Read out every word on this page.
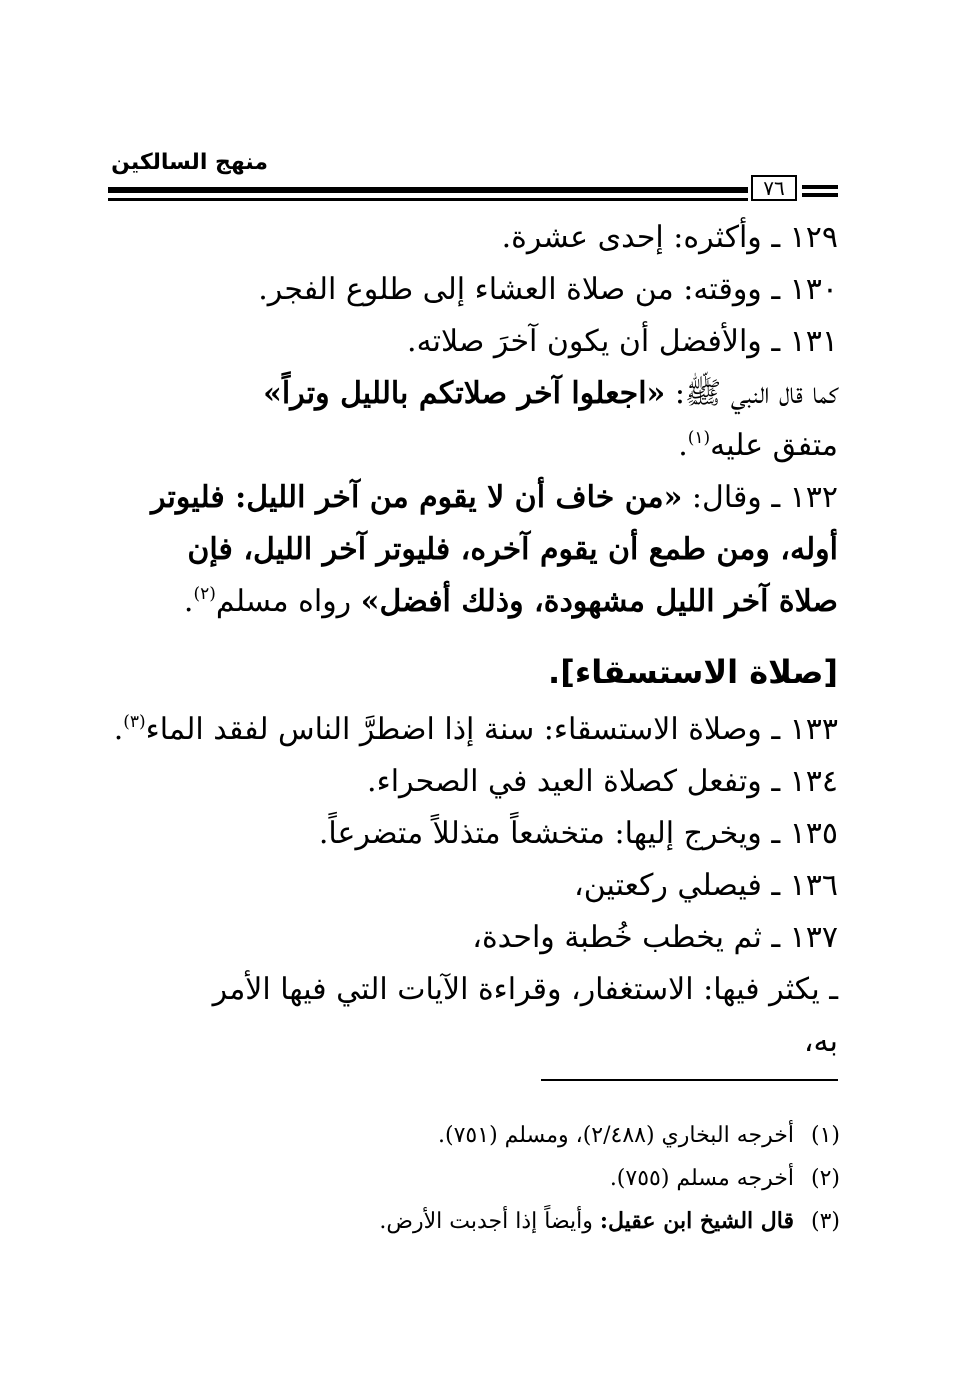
منهج السالكين
٧٦
١٢٩ ـ وأكثره: إحدى عشرة.
١٣٠ ـ ووقته: من صلاة العشاء إلى طلوع الفجر.
١٣١ ـ والأفضل أن يكون آخرَ صلاته.
كما قال النبي ﷺ: «اجعلوا آخر صلاتكم بالليل وتراً»
متفق عليه$^{(١)}$.
١٣٢ ـ وقال: «من خاف أن لا يقوم من آخر الليل: فليوتر
أوله، ومن طمع أن يقوم آخره، فليوتر آخر الليل، فإن
صلاة آخر الليل مشهودة، وذلك أفضل» رواه مسلم$^{(٢)}$.
[صلاة الاستسقاء].
١٣٣ ـ وصلاة الاستسقاء: سنة إذا اضطرَّ الناس لفقد الماء$^{(٣)}$.
١٣٤ ـ وتفعل كصلاة العيد في الصحراء.
١٣٥ ـ ويخرج إليها: متخشعاً متذللاً متضرعاً.
١٣٦ ـ فيصلي ركعتين،
١٣٧ ـ ثم يخطب خُطبة واحدة،
ـ يكثر فيها: الاستغفار، وقراءة الآيات التي فيها الأمر
به،
(١)أخرجه البخاري (٢/٤٨٨)، ومسلم (٧٥١).
(٢)أخرجه مسلم (٧٥٥).
(٣)قال الشيخ ابن عقيل: وأيضاً إذا أجدبت الأرض.
